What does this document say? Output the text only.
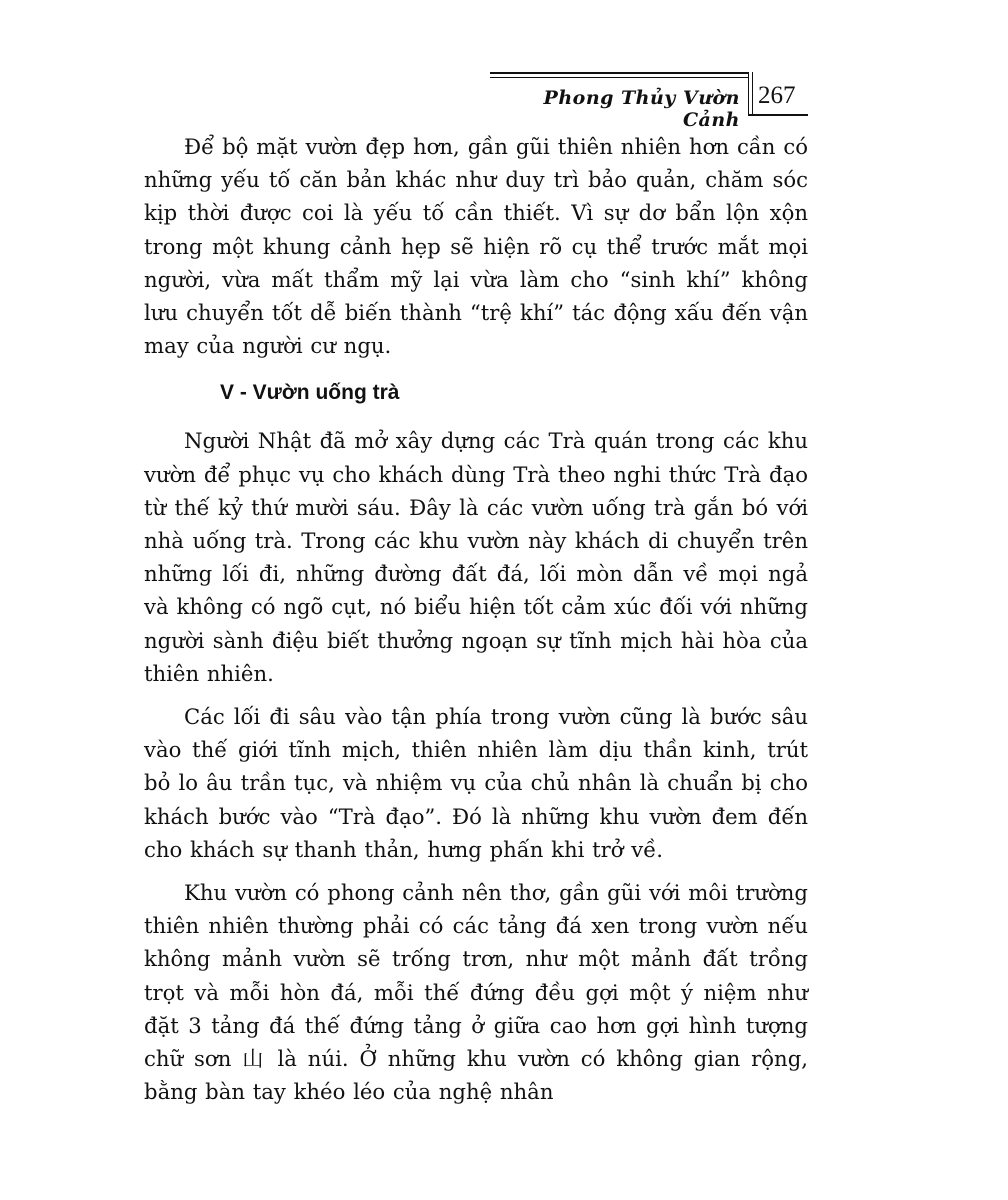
Phong Thủy Vườn Cảnh
267

Để bộ mặt vườn đẹp hơn, gần gũi thiên nhiên hơn cần có những yếu tố căn bản khác như duy trì bảo quản, chăm sóc kịp thời được coi là yếu tố cần thiết. Vì sự dơ bẩn lộn xộn trong một khung cảnh hẹp sẽ hiện rõ cụ thể trước mắt mọi người, vừa mất thẩm mỹ lại vừa làm cho “sinh khí” không lưu chuyển tốt dễ biến thành “trệ khí” tác động xấu đến vận may của người cư ngụ.

V - Vườn uống trà

Người Nhật đã mở xây dựng các Trà quán trong các khu vườn để phục vụ cho khách dùng Trà theo nghi thức Trà đạo từ thế kỷ thứ mười sáu. Đây là các vườn uống trà gắn bó với nhà uống trà. Trong các khu vườn này khách di chuyển trên những lối đi, những đường đất đá, lối mòn dẫn về mọi ngả và không có ngõ cụt, nó biểu hiện tốt cảm xúc đối với những người sành điệu biết thưởng ngoạn sự tĩnh mịch hài hòa của thiên nhiên.

Các lối đi sâu vào tận phía trong vườn cũng là bước sâu vào thế giới tĩnh mịch, thiên nhiên làm dịu thần kinh, trút bỏ lo âu trần tục, và nhiệm vụ của chủ nhân là chuẩn bị cho khách bước vào “Trà đạo”. Đó là những khu vườn đem đến cho khách sự thanh thản, hưng phấn khi trở về.

Khu vườn có phong cảnh nên thơ, gần gũi với môi trường thiên nhiên thường phải có các tảng đá xen trong vườn nếu không mảnh vườn sẽ trống trơn, như một mảnh đất trồng trọt và mỗi hòn đá, mỗi thế đứng đều gợi một ý niệm như đặt 3 tảng đá thế đứng tảng ở giữa cao hơn gợi hình tượng chữ sơn 山 là núi. Ở những khu vườn có không gian rộng, bằng bàn tay khéo léo của nghệ nhân
